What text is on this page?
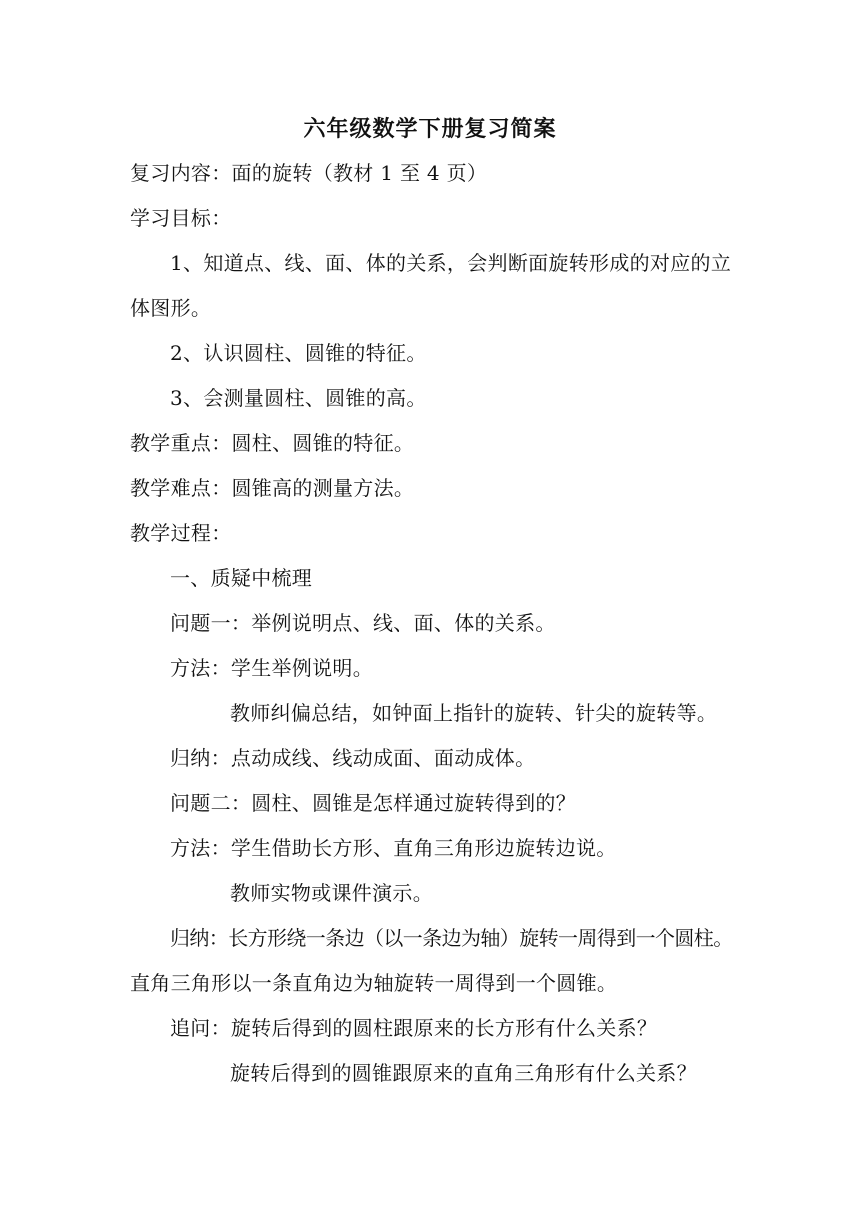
六年级数学下册复习简案
复习内容：面的旋转（教材 1 至 4 页）
学习目标：
1、知道点、线、面、体的关系，会判断面旋转形成的对应的立
体图形。
2、认识圆柱、圆锥的特征。
3、会测量圆柱、圆锥的高。
教学重点：圆柱、圆锥的特征。
教学难点：圆锥高的测量方法。
教学过程：
一、质疑中梳理
问题一：举例说明点、线、面、体的关系。
方法：学生举例说明。
教师纠偏总结，如钟面上指针的旋转、针尖的旋转等。
归纳：点动成线、线动成面、面动成体。
问题二：圆柱、圆锥是怎样通过旋转得到的？
方法：学生借助长方形、直角三角形边旋转边说。
教师实物或课件演示。
归纳：长方形绕一条边（以一条边为轴）旋转一周得到一个圆柱。
直角三角形以一条直角边为轴旋转一周得到一个圆锥。
追问：旋转后得到的圆柱跟原来的长方形有什么关系？
旋转后得到的圆锥跟原来的直角三角形有什么关系？
